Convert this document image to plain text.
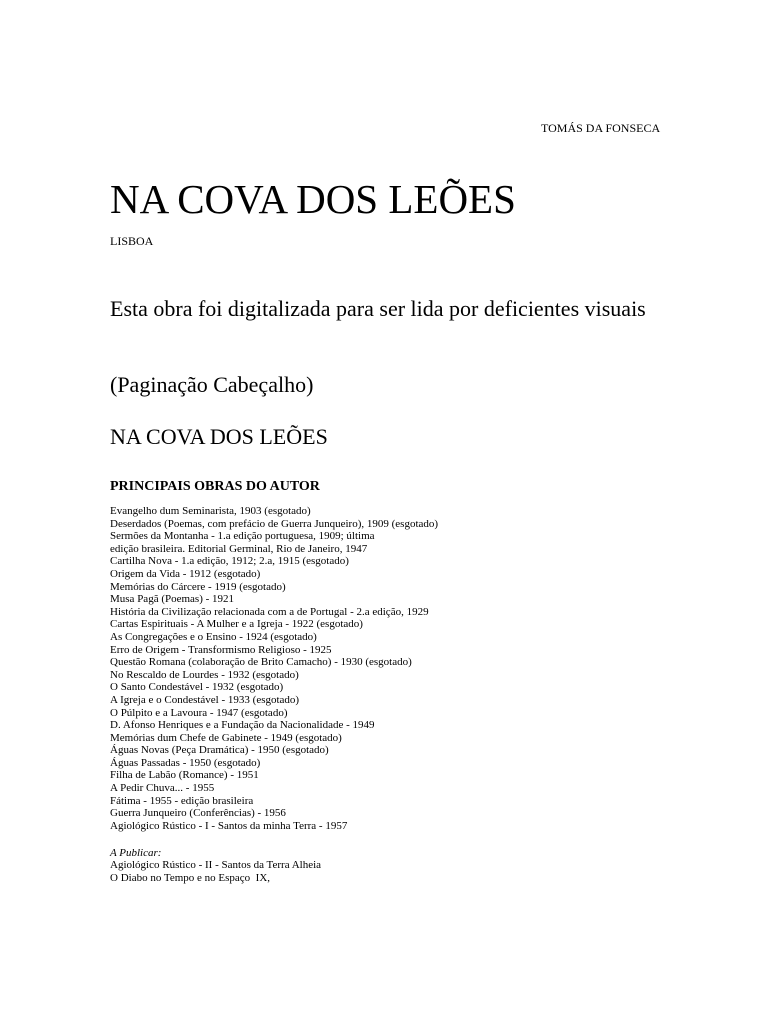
TOMÁS DA FONSECA
NA COVA DOS LEÕES
LISBOA
Esta obra foi digitalizada para ser lida por deficientes visuais
(Paginação Cabeçalho)
NA COVA DOS LEÕES
PRINCIPAIS OBRAS DO AUTOR
Evangelho dum Seminarista, 1903 (esgotado)
Deserdados (Poemas, com prefácio de Guerra Junqueiro), 1909 (esgotado)
Sermões da Montanha - 1.a edição portuguesa, 1909; última
edição brasileira. Editorial Germinal, Rio de Janeiro, 1947
Cartilha Nova - 1.a edição, 1912; 2.a, 1915 (esgotado)
Origem da Vida - 1912 (esgotado)
Memórias do Cárcere - 1919 (esgotado)
Musa Pagã (Poemas) - 1921
História da Civilização relacionada com a de Portugal - 2.a edição, 1929
Cartas Espirituais - A Mulher e a Igreja - 1922 (esgotado)
As Congregações e o Ensino - 1924 (esgotado)
Erro de Origem - Transformismo Religioso - 1925
Questão Romana (colaboração de Brito Camacho) - 1930 (esgotado)
No Rescaldo de Lourdes - 1932 (esgotado)
O Santo Condestável - 1932 (esgotado)
A Igreja e o Condestável - 1933 (esgotado)
O Púlpito e a Lavoura - 1947 (esgotado)
D. Afonso Henriques e a Fundação da Nacionalidade - 1949
Memórias dum Chefe de Gabinete - 1949 (esgotado)
Águas Novas (Peça Dramática) - 1950 (esgotado)
Águas Passadas - 1950 (esgotado)
Filha de Labão (Romance) - 1951
A Pedir Chuva... - 1955
Fátima - 1955 - edição brasileira
Guerra Junqueiro (Conferências) - 1956
Agiológico Rústico - I - Santos da minha Terra - 1957
A Publicar:
Agiológico Rústico - II - Santos da Terra Alheia
O Diabo no Tempo e no Espaço  IX,
